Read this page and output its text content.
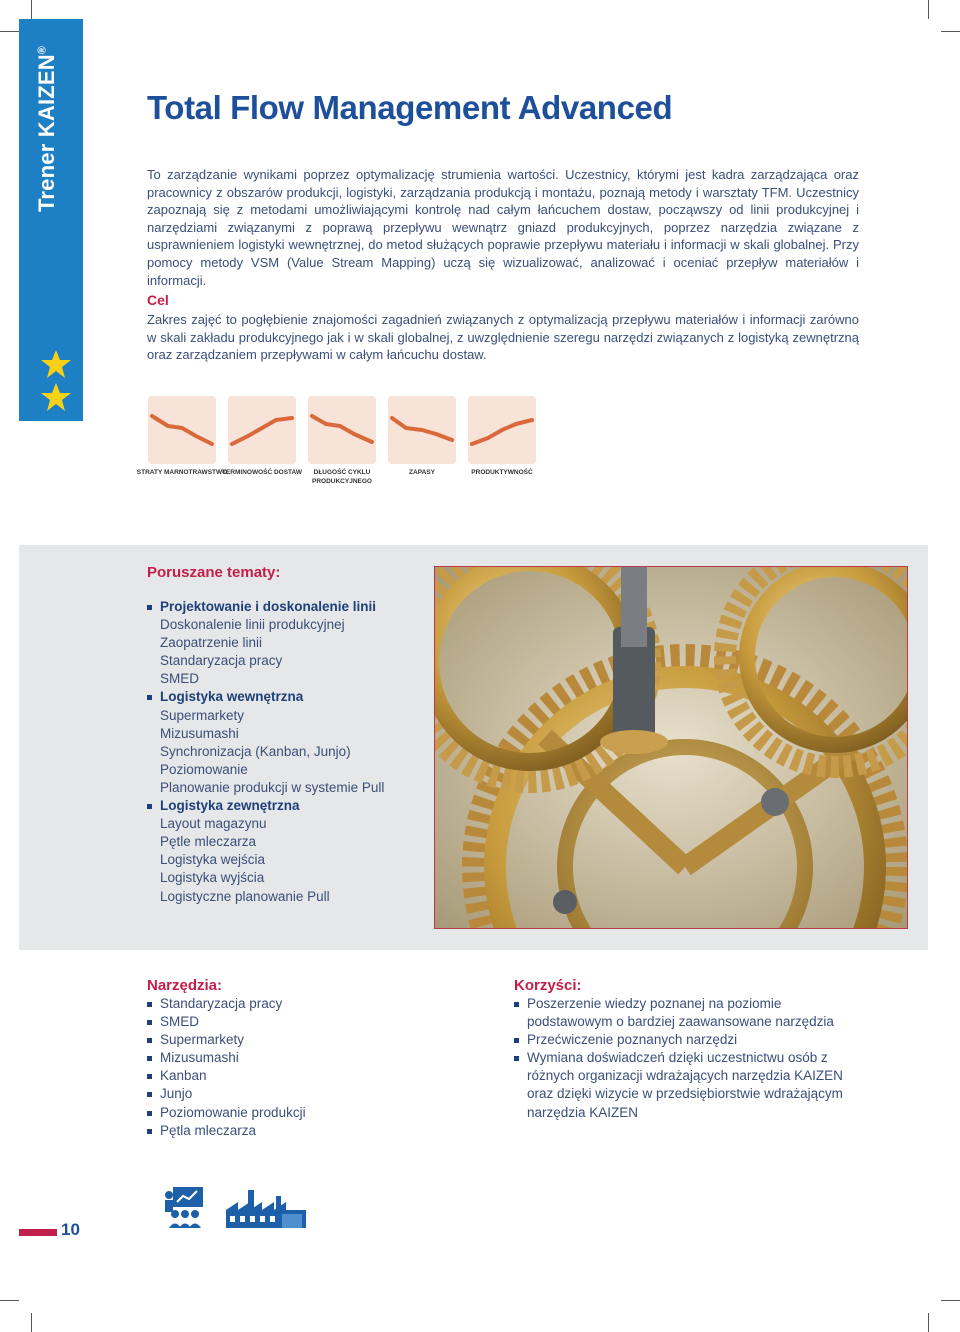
Trener KAIZEN®
Total Flow Management Advanced

To zarządzanie wynikami poprzez optymalizację strumienia wartości. Uczestnicy, którymi jest kadra zarządzająca oraz pracownicy z obszarów produkcji, logistyki, zarządzania produkcją i montażu, poznają metody i warsztaty TFM. Uczestnicy zapoznają się z metodami umożliwiającymi kontrolę nad całym łańcuchem dostaw, począwszy od linii produkcyjnej i narzędziami związanymi z poprawą przepływu wewnątrz gniazd produkcyjnych, poprzez narzędzia związane z usprawnieniem logistyki wewnętrznej, do metod służących poprawie przepływu materiału i informacji w skali globalnej. Przy pomocy metody VSM (Value Stream Mapping) uczą się wizualizować, analizować i oceniać przepływ materiałów i informacji.

Cel

Zakres zajęć to pogłębienie znajomości zagadnień związanych z optymalizacją przepływu materiałów i informacji zarówno w skali zakładu produkcyjnego jak i w skali globalnej, z uwzględnienie szeregu narzędzi związanych z logistyką zewnętrzną oraz zarządzaniem przepływami w całym łańcuchu dostaw.

STRATY MARNOTRAWSTWO
TERMINOWOŚĆ DOSTAW	DŁUGOŚĆ CYKLU PRODUKCYJNEGO
ZAPASY	PRODUKTYWNOŚĆ
Poruszane tematy:
Projektowanie i doskonalenie linii
Doskonalenie linii produkcyjnej
Zaopatrzenie linii
Standaryzacja pracy
SMED
Logistyka wewnętrzna
Supermarkety
Mizusumashi
Synchronizacja (Kanban, Junjo)
Poziomowanie
Planowanie produkcji w systemie Pull
Logistyka zewnętrzna
Layout magazynu
Pętle mleczarza
Logistyka wejścia
Logistyka wyjścia
Logistyczne planowanie Pull
Narzędzia:
Standaryzacja pracy
SMED
Supermarkety
Mizusumashi
Kanban
Junjo
Poziomowanie produkcji
Pętla mleczarza
Korzyści:
Poszerzenie wiedzy poznanej na poziomie podstawowym o bardziej zaawansowane narzędzia
Przećwiczenie poznanych narzędzi
Wymiana doświadczeń dzięki uczestnictwu osób z różnych organizacji wdrażających narzędzia KAIZEN oraz dzięki wizycie w przedsiębiorstwie wdrażającym narzędzia KAIZEN
10
